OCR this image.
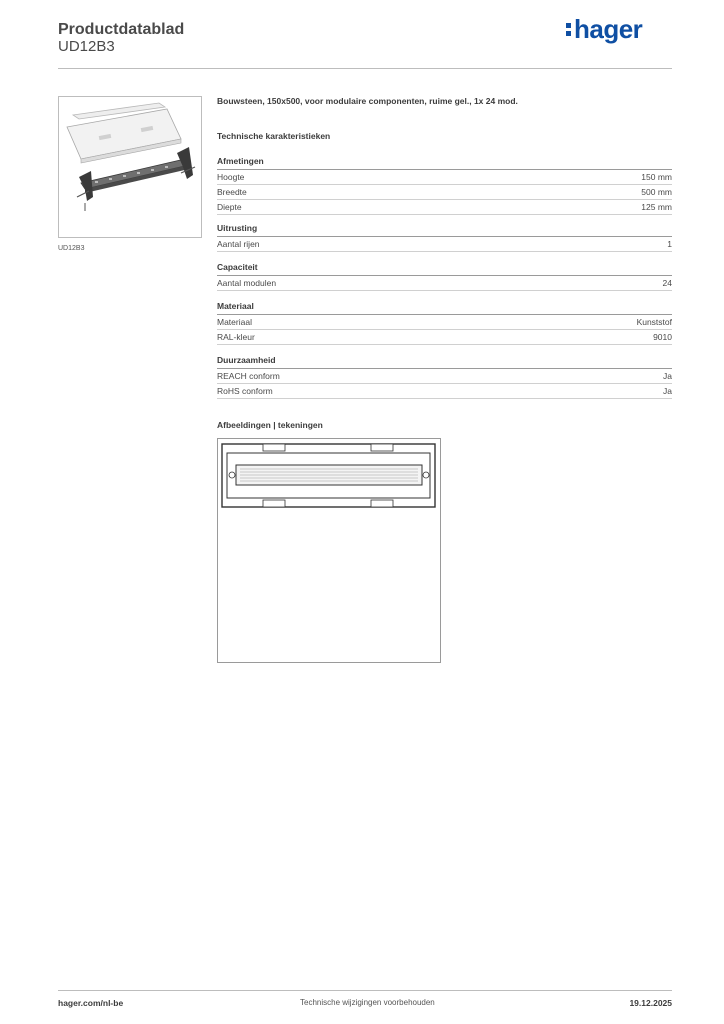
Productdatablad
UD12B3
hager
UD12B3
Bouwsteen, 150x500, voor modulaire componenten, ruime gel., 1x 24 mod.
Technische karakteristieken
Afmetingen
Hoogte	150 mm
Breedte	500 mm
Diepte	125 mm
Uitrusting
Aantal rijen	1
Capaciteit
Aantal modulen	24
Materiaal
Materiaal	Kunststof
RAL-kleur	9010
Duurzaamheid
REACH conform	Ja
RoHS conform	Ja
Afbeeldingen | tekeningen
hager.com/nl-be	Technische wijzigingen voorbehouden	19.12.2025
